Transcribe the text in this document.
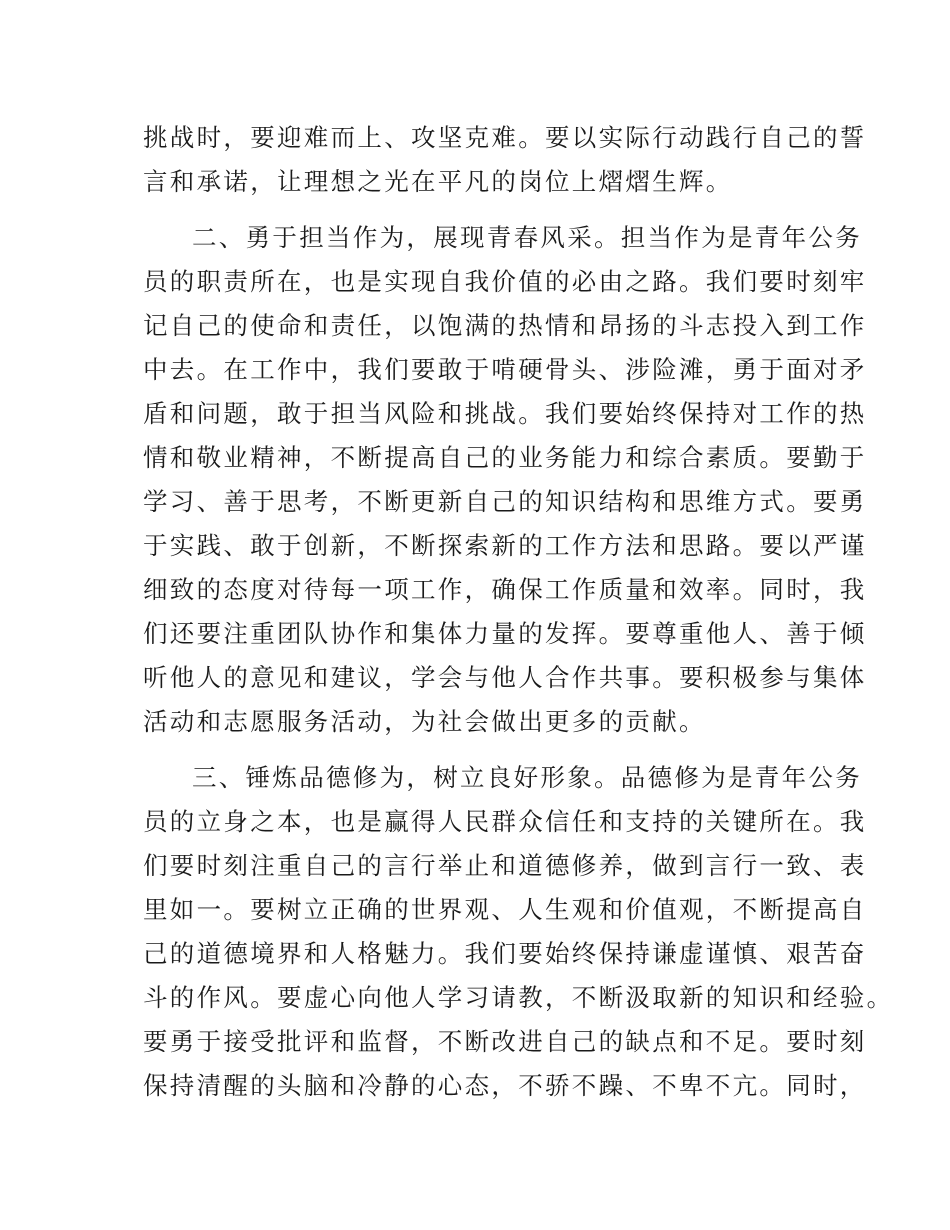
挑战时，要迎难而上、攻坚克难。要以实际行动践行自己的誓
言和承诺，让理想之光在平凡的岗位上熠熠生辉。
二、勇于担当作为，展现青春风采。担当作为是青年公务
员的职责所在，也是实现自我价值的必由之路。我们要时刻牢
记自己的使命和责任，以饱满的热情和昂扬的斗志投入到工作
中去。在工作中，我们要敢于啃硬骨头、涉险滩，勇于面对矛
盾和问题，敢于担当风险和挑战。我们要始终保持对工作的热
情和敬业精神，不断提高自己的业务能力和综合素质。要勤于
学习、善于思考，不断更新自己的知识结构和思维方式。要勇
于实践、敢于创新，不断探索新的工作方法和思路。要以严谨
细致的态度对待每一项工作，确保工作质量和效率。同时，我
们还要注重团队协作和集体力量的发挥。要尊重他人、善于倾
听他人的意见和建议，学会与他人合作共事。要积极参与集体
活动和志愿服务活动，为社会做出更多的贡献。
三、锤炼品德修为，树立良好形象。品德修为是青年公务
员的立身之本，也是赢得人民群众信任和支持的关键所在。我
们要时刻注重自己的言行举止和道德修养，做到言行一致、表
里如一。要树立正确的世界观、人生观和价值观，不断提高自
己的道德境界和人格魅力。我们要始终保持谦虚谨慎、艰苦奋
斗的作风。要虚心向他人学习请教，不断汲取新的知识和经验。
要勇于接受批评和监督，不断改进自己的缺点和不足。要时刻
保持清醒的头脑和冷静的心态，不骄不躁、不卑不亢。同时，
